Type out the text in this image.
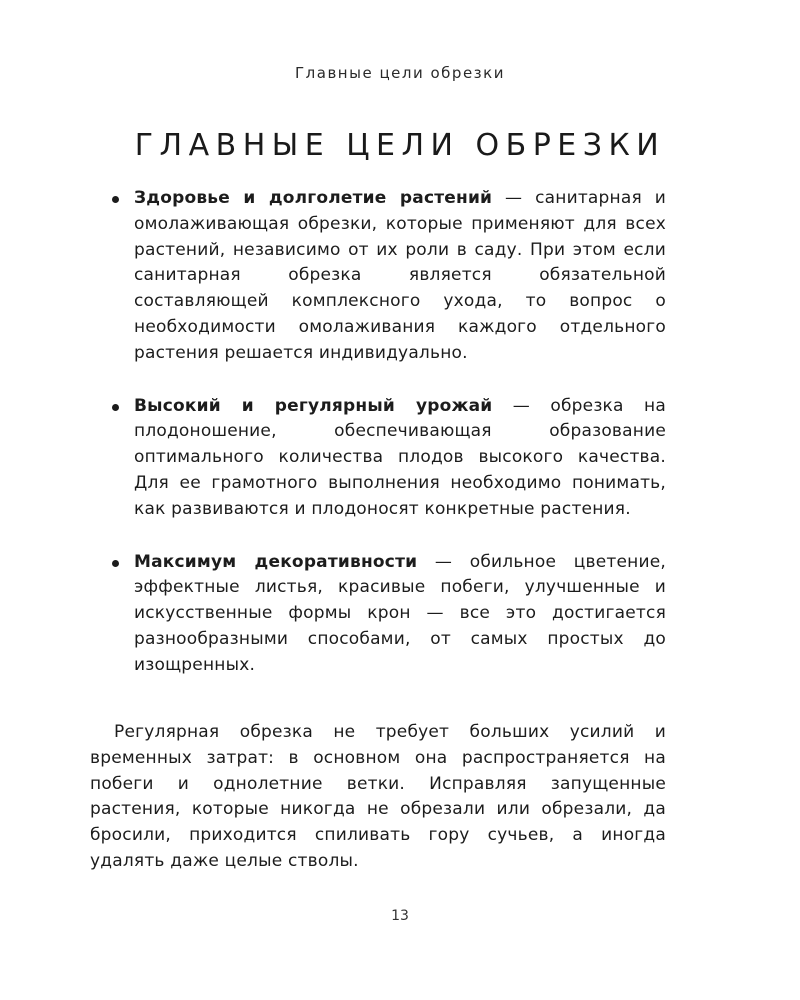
Главные цели обрезки
ГЛАВНЫЕ ЦЕЛИ ОБРЕЗКИ
Здоровье и долголетие растений — санитарная и омолаживающая обрезки, которые применяют для всех растений, независимо от их роли в саду. При этом если санитарная обрезка является обязательной составляющей комплексного ухода, то вопрос о необходимости омолаживания каждого отдельного растения решается индивидуально.
Высокий и регулярный урожай — обрезка на плодоношение, обеспечивающая образование оптимального количества плодов высокого качества. Для ее грамотного выполнения необходимо понимать, как развиваются и плодоносят конкретные растения.
Максимум декоративности — обильное цветение, эффектные листья, красивые побеги, улучшенные и искусственные формы крон — все это достигается разнообразными способами, от самых простых до изощренных.

Регулярная обрезка не требует больших усилий и временных затрат: в основном она распространяется на побеги и однолетние ветки. Исправляя запущенные растения, которые никогда не обрезали или обрезали, да бросили, приходится спиливать гору сучьев, а иногда удалять даже целые стволы.

13
